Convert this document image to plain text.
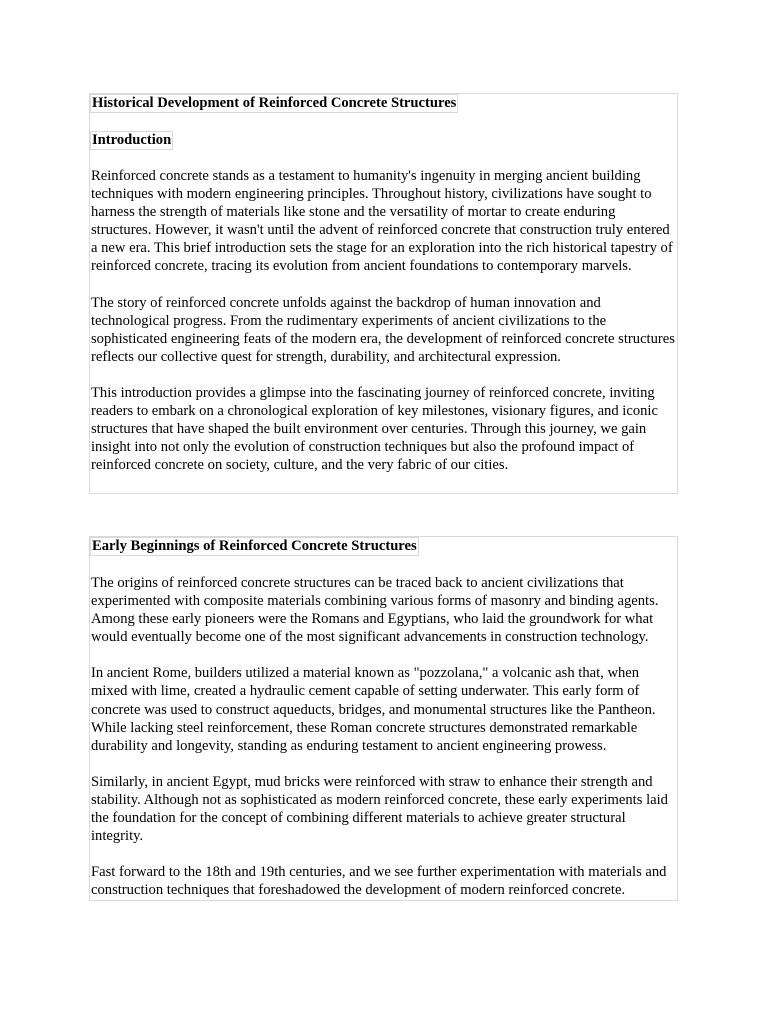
Historical Development of Reinforced Concrete Structures
Introduction

Reinforced concrete stands as a testament to humanity's ingenuity in merging ancient building techniques with modern engineering principles. Throughout history, civilizations have sought to harness the strength of materials like stone and the versatility of mortar to create enduring structures. However, it wasn't until the advent of reinforced concrete that construction truly entered a new era. This brief introduction sets the stage for an exploration into the rich historical tapestry of reinforced concrete, tracing its evolution from ancient foundations to contemporary marvels.

The story of reinforced concrete unfolds against the backdrop of human innovation and technological progress. From the rudimentary experiments of ancient civilizations to the sophisticated engineering feats of the modern era, the development of reinforced concrete structures reflects our collective quest for strength, durability, and architectural expression.

This introduction provides a glimpse into the fascinating journey of reinforced concrete, inviting readers to embark on a chronological exploration of key milestones, visionary figures, and iconic structures that have shaped the built environment over centuries. Through this journey, we gain insight into not only the evolution of construction techniques but also the profound impact of reinforced concrete on society, culture, and the very fabric of our cities.

Early Beginnings of Reinforced Concrete Structures

The origins of reinforced concrete structures can be traced back to ancient civilizations that experimented with composite materials combining various forms of masonry and binding agents. Among these early pioneers were the Romans and Egyptians, who laid the groundwork for what would eventually become one of the most significant advancements in construction technology.

In ancient Rome, builders utilized a material known as "pozzolana," a volcanic ash that, when mixed with lime, created a hydraulic cement capable of setting underwater. This early form of concrete was used to construct aqueducts, bridges, and monumental structures like the Pantheon. While lacking steel reinforcement, these Roman concrete structures demonstrated remarkable durability and longevity, standing as enduring testament to ancient engineering prowess.

Similarly, in ancient Egypt, mud bricks were reinforced with straw to enhance their strength and stability. Although not as sophisticated as modern reinforced concrete, these early experiments laid the foundation for the concept of combining different materials to achieve greater structural integrity.

Fast forward to the 18th and 19th centuries, and we see further experimentation with materials and construction techniques that foreshadowed the development of modern reinforced concrete.
